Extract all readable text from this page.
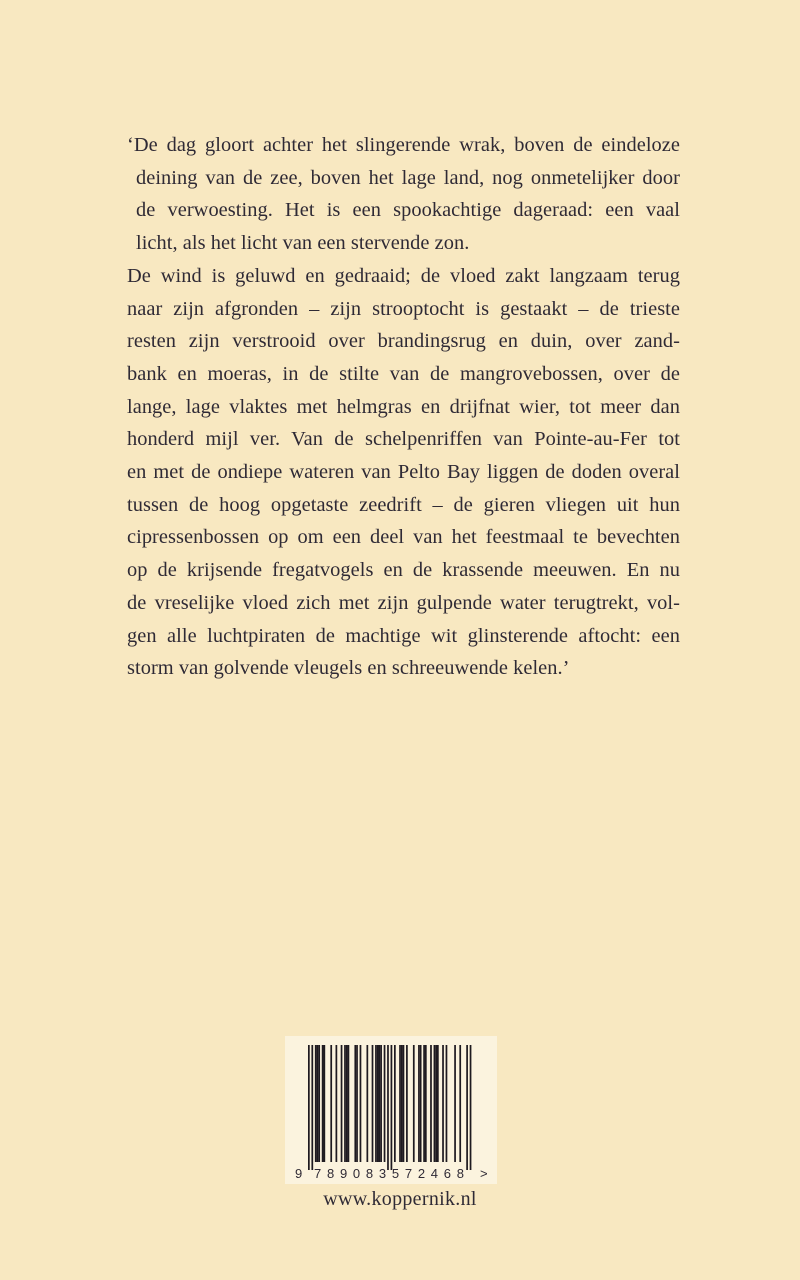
‘De dag gloort achter het slingerende wrak, boven de eindeloze
deining van de zee, boven het lage land, nog onmetelijker door
de verwoesting. Het is een spookachtige dageraad: een vaal
licht, als het licht van een stervende zon.
De wind is geluwd en gedraaid; de vloed zakt langzaam terug
naar zijn afgronden – zijn strooptocht is gestaakt – de trieste
resten zijn verstrooid over brandingsrug en duin, over zand-
bank en moeras, in de stilte van de mangrovebossen, over de
lange, lage vlaktes met helmgras en drijfnat wier, tot meer dan
honderd mijl ver. Van de schelpenriffen van Pointe-au-Fer tot
en met de ondiepe wateren van Pelto Bay liggen de doden overal
tussen de hoog opgetaste zeedrift – de gieren vliegen uit hun
cipressenbossen op om een deel van het feestmaal te bevechten
op de krijsende fregatvogels en de krassende meeuwen. En nu
de vreselijke vloed zich met zijn gulpende water terugtrekt, vol-
gen alle luchtpiraten de machtige wit glinsterende aftocht: een
storm van golvende vleugels en schreeuwende kelen.’
9 789083572468 >
www.koppernik.nl
